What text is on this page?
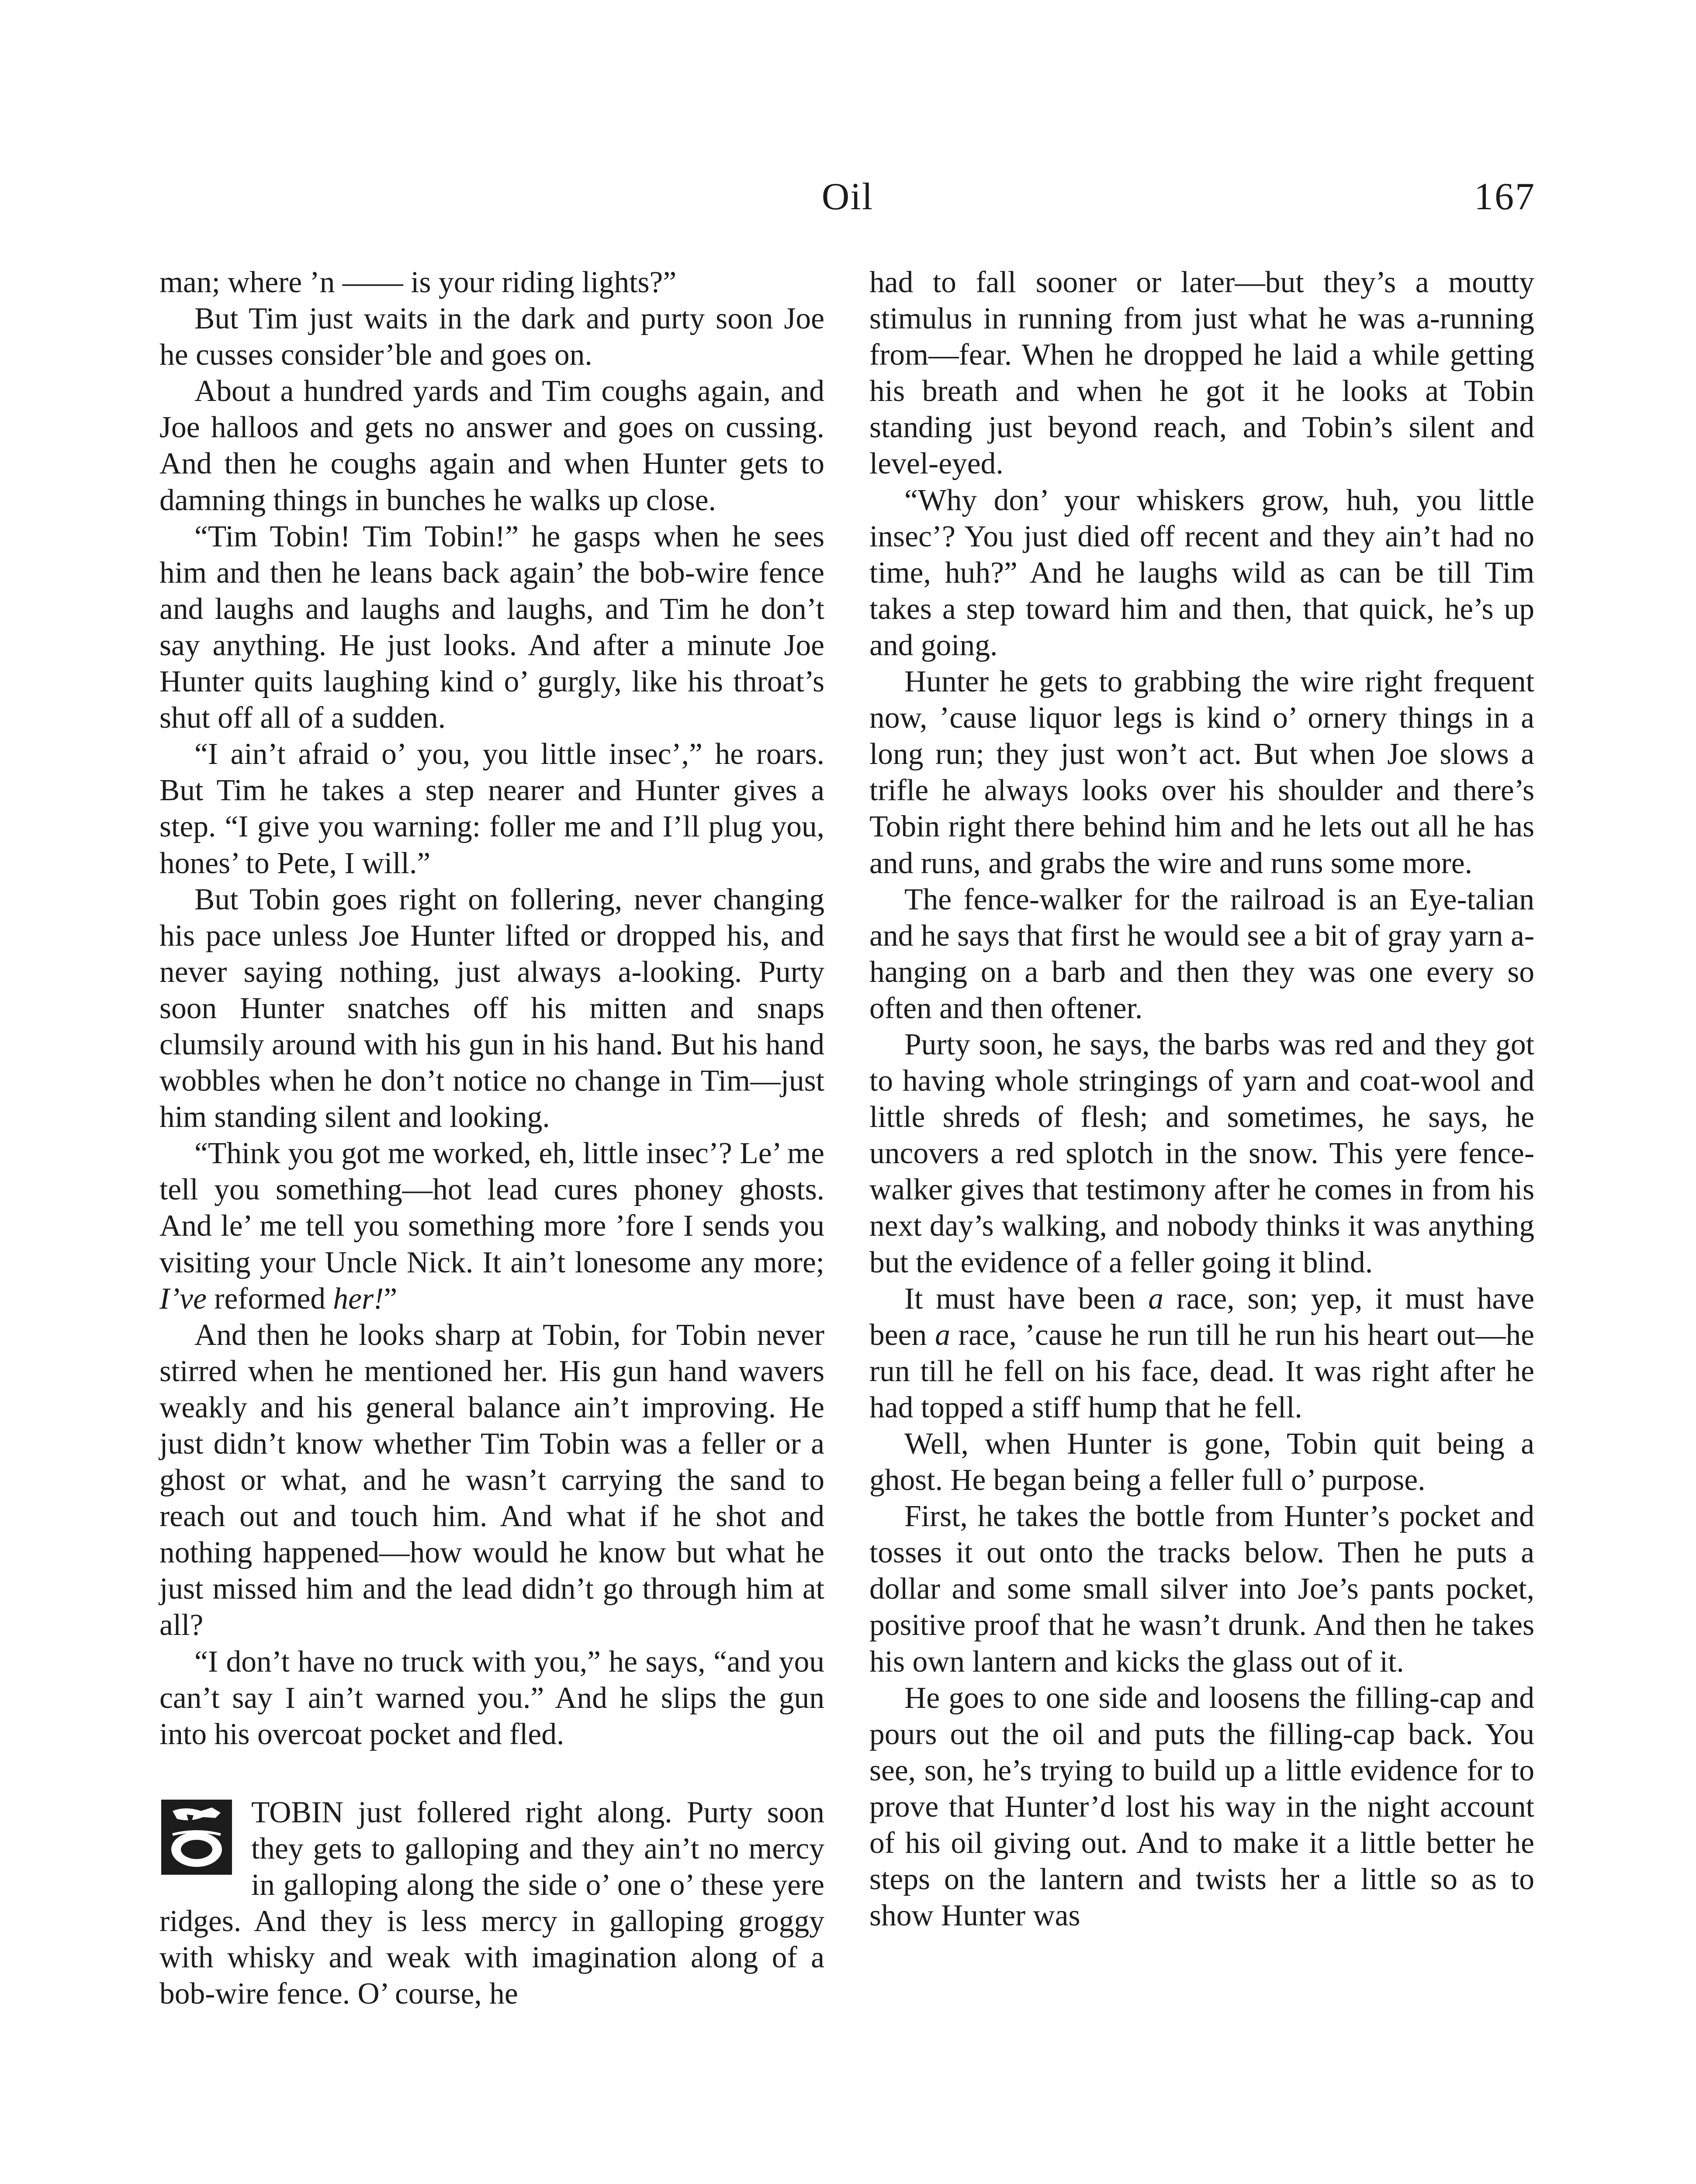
Oil	167

man; where ’n —— is your riding lights?”

But Tim just waits in the dark and purty soon Joe he cusses consider’ble and goes on.

About a hundred yards and Tim coughs again, and Joe halloos and gets no answer and goes on cussing. And then he coughs again and when Hunter gets to damning things in bunches he walks up close.

“Tim Tobin! Tim Tobin!” he gasps when he sees him and then he leans back again’ the bob-wire fence and laughs and laughs and laughs, and Tim he don’t say anything. He just looks. And after a minute Joe Hunter quits laughing kind o’ gurgly, like his throat’s shut off all of a sudden.

“I ain’t afraid o’ you, you little insec’,” he roars. But Tim he takes a step nearer and Hunter gives a step. “I give you warning: foller me and I’ll plug you, hones’ to Pete, I will.”

But Tobin goes right on follering, never changing his pace unless Joe Hunter lifted or dropped his, and never saying nothing, just always a-looking. Purty soon Hunter snatches off his mitten and snaps clumsily around with his gun in his hand. But his hand wobbles when he don’t notice no change in Tim—just him standing silent and looking.

“Think you got me worked, eh, little insec’? Le’ me tell you something—hot lead cures phoney ghosts. And le’ me tell you something more ’fore I sends you visiting your Uncle Nick. It ain’t lonesome any more; I’ve reformed her!”

And then he looks sharp at Tobin, for Tobin never stirred when he mentioned her. His gun hand wavers weakly and his general balance ain’t improving. He just didn’t know whether Tim Tobin was a feller or a ghost or what, and he wasn’t carrying the sand to reach out and touch him. And what if he shot and nothing happened—how would he know but what he just missed him and the lead didn’t go through him at all?

“I don’t have no truck with you,” he says, “and you can’t say I ain’t warned you.” And he slips the gun into his overcoat pocket and fled.

TOBIN just follered right along. Purty soon they gets to galloping and they ain’t no mercy in galloping along the side o’ one o’ these yere ridges. And they is less mercy in galloping groggy with whisky and weak with imagination along of a bob-wire fence. O’ course, he

had to fall sooner or later—but they’s a moutty stimulus in running from just what he was a-running from—fear. When he dropped he laid a while getting his breath and when he got it he looks at Tobin standing just beyond reach, and Tobin’s silent and level-eyed.

“Why don’ your whiskers grow, huh, you little insec’? You just died off recent and they ain’t had no time, huh?” And he laughs wild as can be till Tim takes a step toward him and then, that quick, he’s up and going.

Hunter he gets to grabbing the wire right frequent now, ’cause liquor legs is kind o’ ornery things in a long run; they just won’t act. But when Joe slows a trifle he always looks over his shoulder and there’s Tobin right there behind him and he lets out all he has and runs, and grabs the wire and runs some more.

The fence-walker for the railroad is an Eye-talian and he says that first he would see a bit of gray yarn a-hanging on a barb and then they was one every so often and then oftener.

Purty soon, he says, the barbs was red and they got to having whole stringings of yarn and coat-wool and little shreds of flesh; and sometimes, he says, he uncovers a red splotch in the snow. This yere fence-walker gives that testimony after he comes in from his next day’s walking, and nobody thinks it was anything but the evidence of a feller going it blind.

It must have been a race, son; yep, it must have been a race, ’cause he run till he run his heart out—he run till he fell on his face, dead. It was right after he had topped a stiff hump that he fell.

Well, when Hunter is gone, Tobin quit being a ghost. He began being a feller full o’ purpose.

First, he takes the bottle from Hunter’s pocket and tosses it out onto the tracks below. Then he puts a dollar and some small silver into Joe’s pants pocket, positive proof that he wasn’t drunk. And then he takes his own lantern and kicks the glass out of it.

He goes to one side and loosens the filling-cap and pours out the oil and puts the filling-cap back. You see, son, he’s trying to build up a little evidence for to prove that Hunter’d lost his way in the night account of his oil giving out. And to make it a little better he steps on the lantern and twists her a little so as to show Hunter was
